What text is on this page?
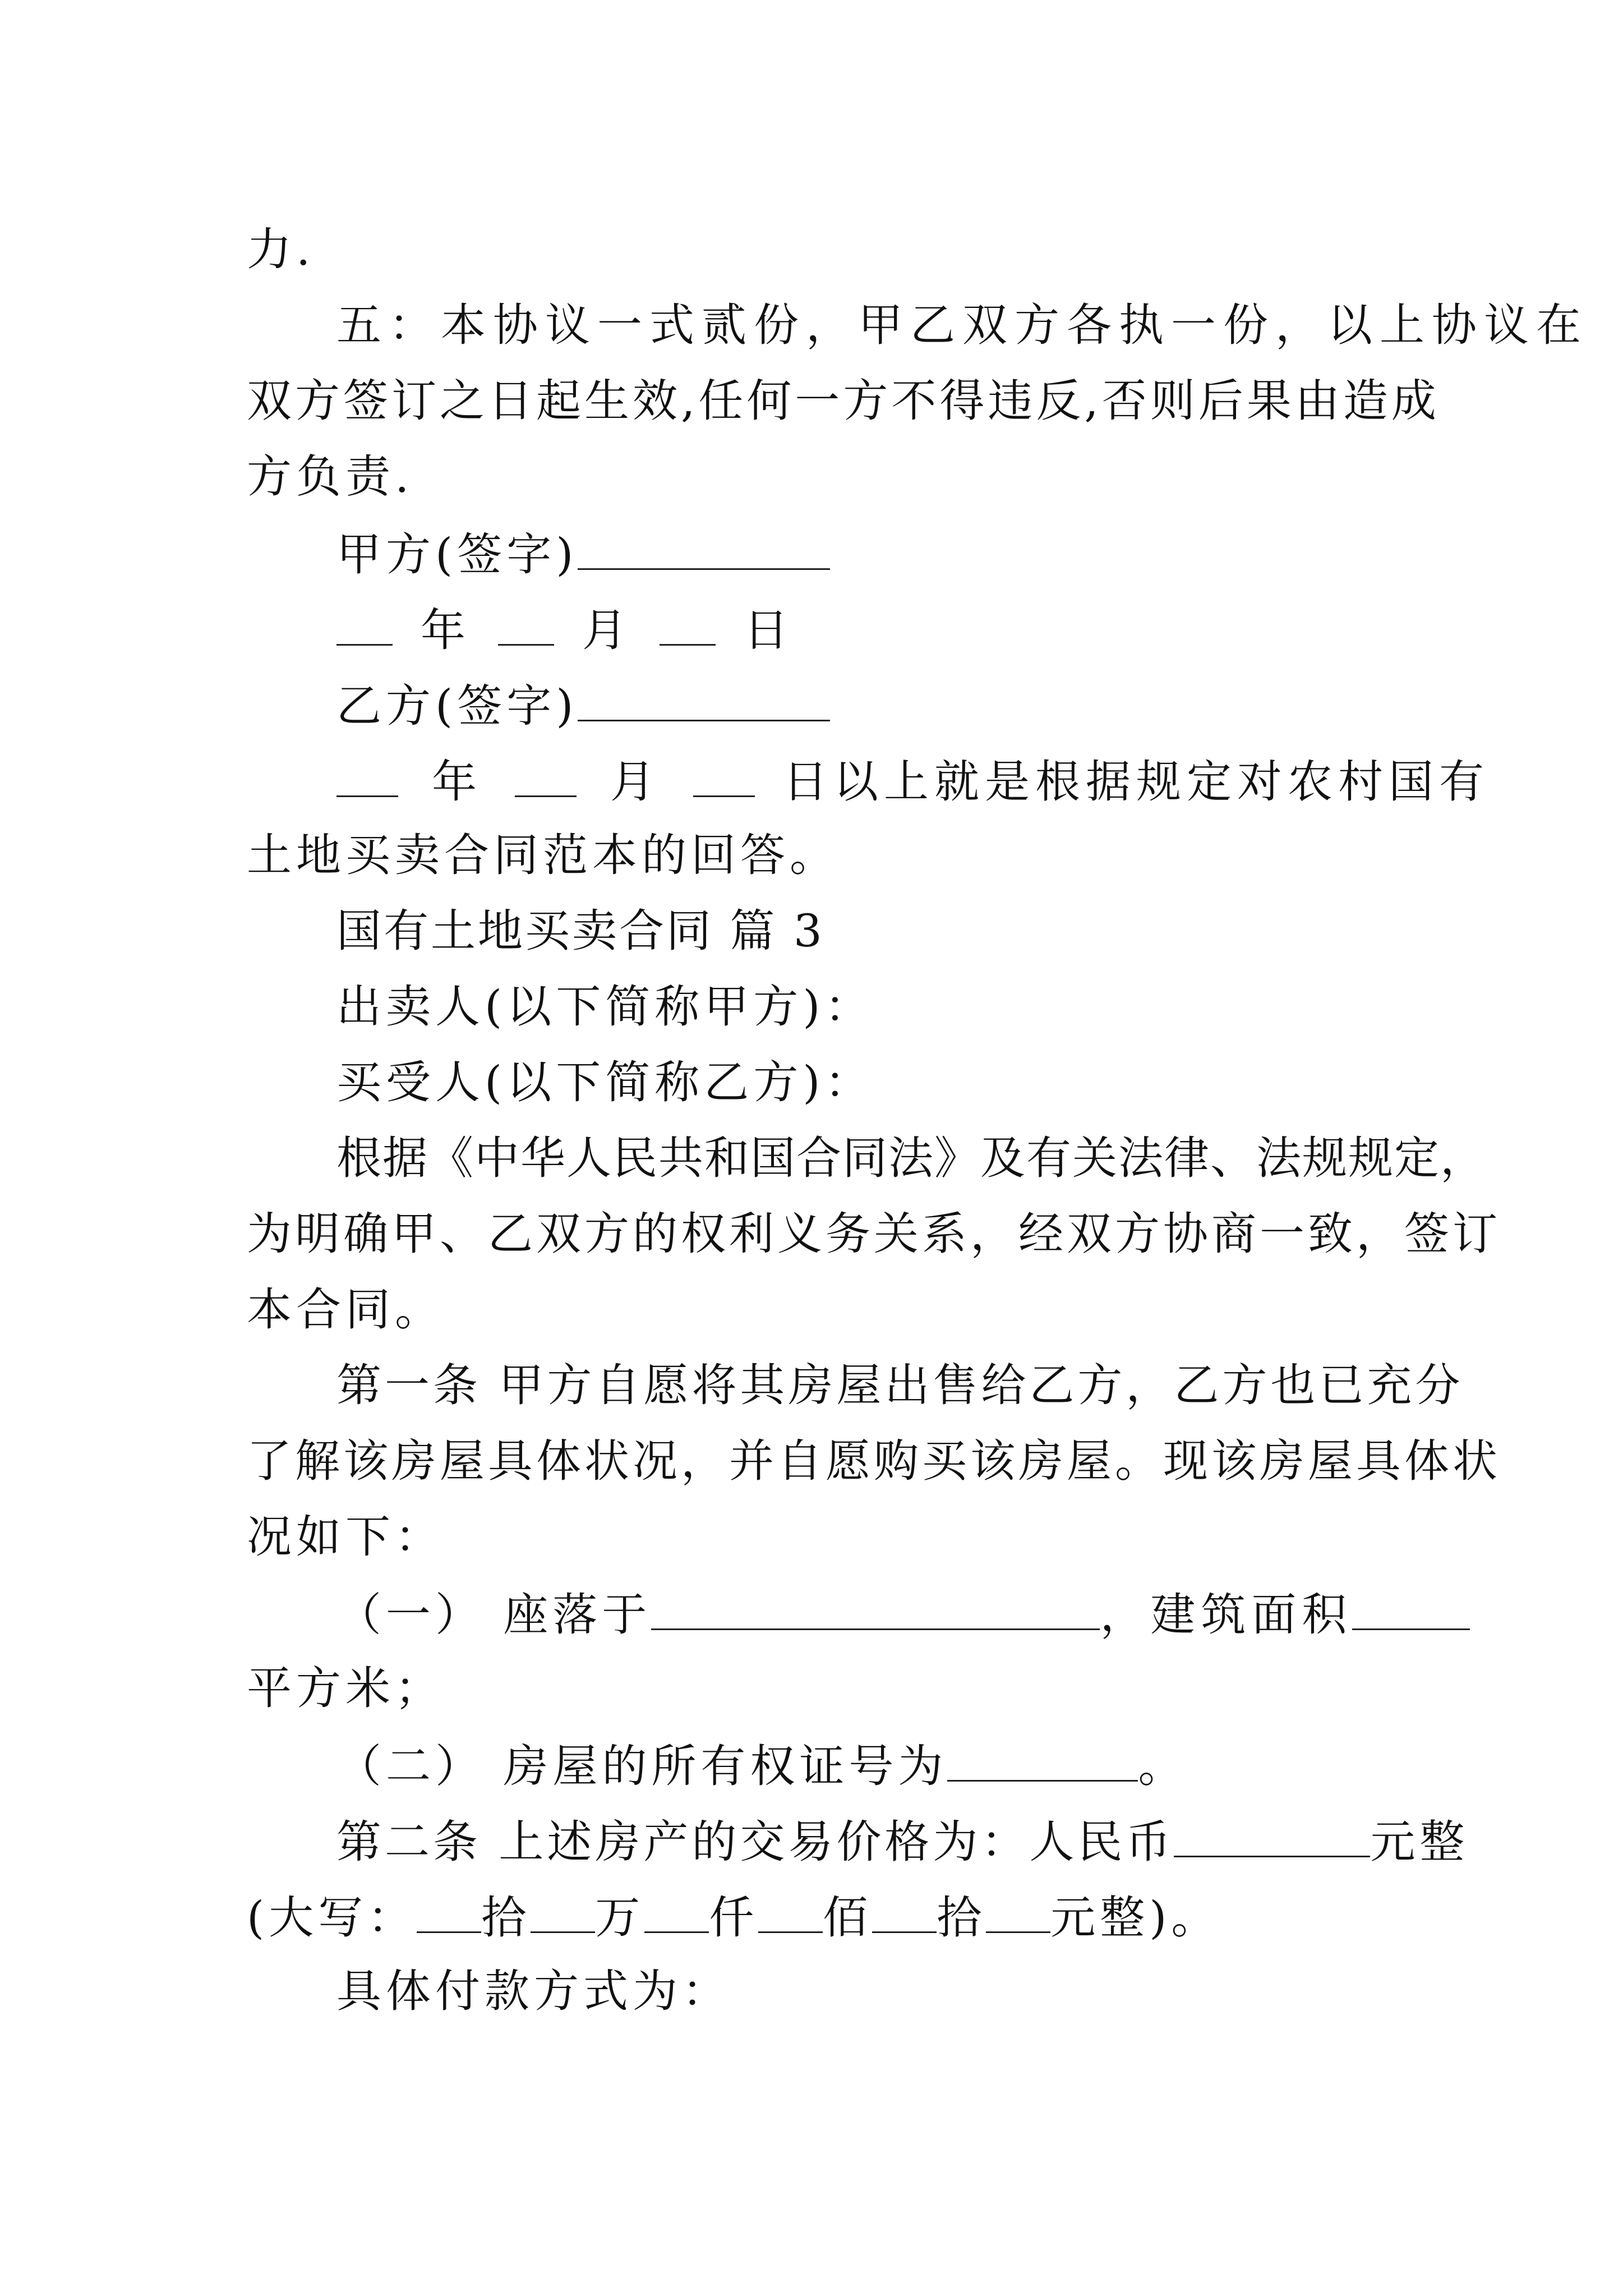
力.
五：本协议一式贰份，甲乙双方各执一份，以上协议在
双方签订之日起生效,任何一方不得违反,否则后果由造成
方负责.
甲方(签字)
年	月	日
乙方(签字)
年	月	日以上就是根据规定对农村国有
土地买卖合同范本的回答。
国有土地买卖合同 篇 3
出卖人(以下简称甲方)：
买受人(以下简称乙方)：
根据《中华人民共和国合同法》及有关法律、法规规定，
为明确甲、乙双方的权利义务关系，经双方协商一致，签订
本合同。
第一条 甲方自愿将其房屋出售给乙方，乙方也已充分
了解该房屋具体状况，并自愿购买该房屋。现该房屋具体状
况如下：
（一） 座落于	，建筑面积
平方米；
（二） 房屋的所有权证号为	。
第二条 上述房产的交易价格为：人民币	元整
(大写： 拾 万 仟 佰 拾 元整)。
具体付款方式为：
